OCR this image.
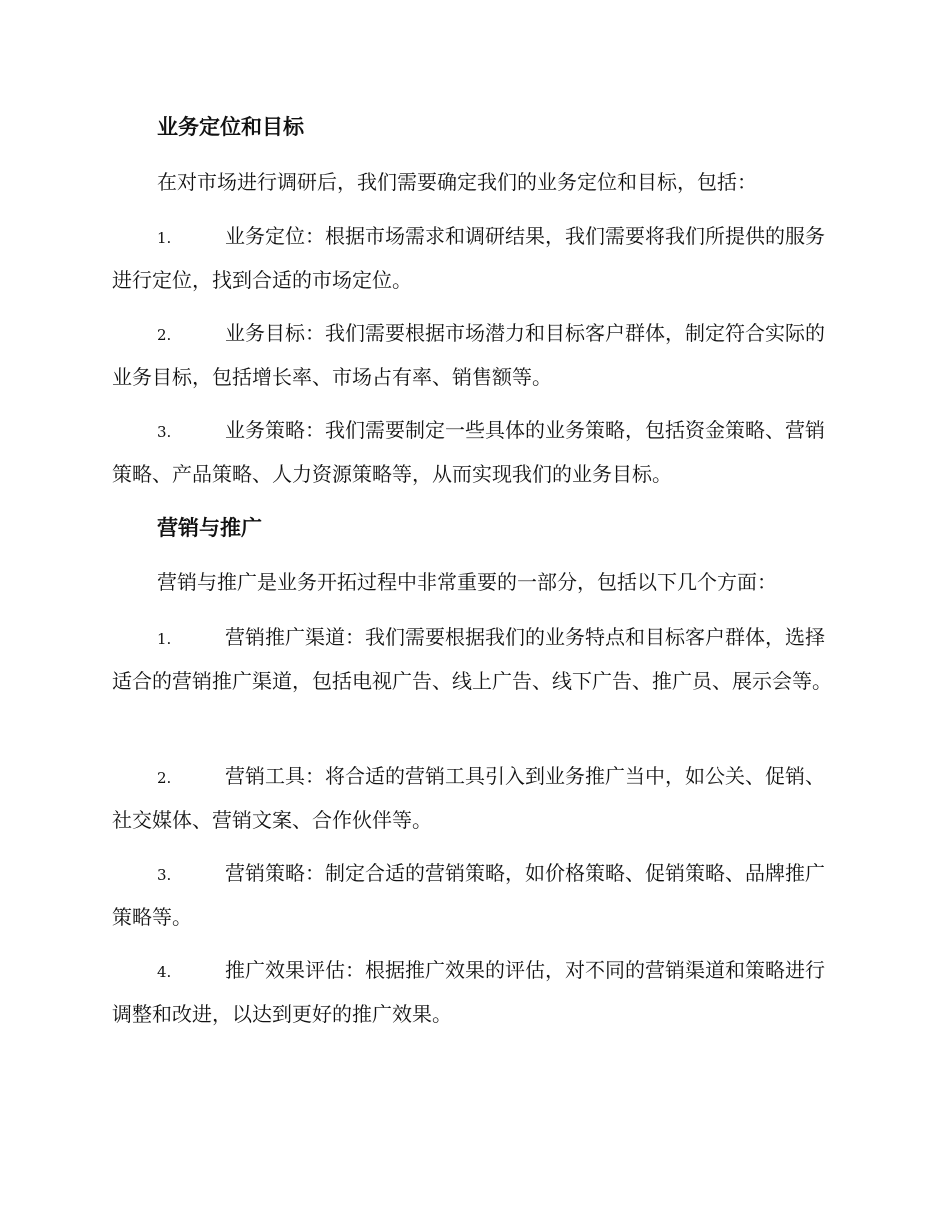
业务定位和目标
在对市场进行调研后，我们需要确定我们的业务定位和目标，包括：
1.	业务定位：根据市场需求和调研结果，我们需要将我们所提供的服务进行定位，找到合适的市场定位。
2.	业务目标：我们需要根据市场潜力和目标客户群体，制定符合实际的业务目标，包括增长率、市场占有率、销售额等。
3.	业务策略：我们需要制定一些具体的业务策略，包括资金策略、营销策略、产品策略、人力资源策略等，从而实现我们的业务目标。
营销与推广
营销与推广是业务开拓过程中非常重要的一部分，包括以下几个方面：
1.	营销推广渠道：我们需要根据我们的业务特点和目标客户群体，选择适合的营销推广渠道，包括电视广告、线上广告、线下广告、推广员、展示会等。
2.	营销工具：将合适的营销工具引入到业务推广当中，如公关、促销、社交媒体、营销文案、合作伙伴等。
3.	营销策略：制定合适的营销策略，如价格策略、促销策略、品牌推广策略等。
4.	推广效果评估：根据推广效果的评估，对不同的营销渠道和策略进行调整和改进，以达到更好的推广效果。
